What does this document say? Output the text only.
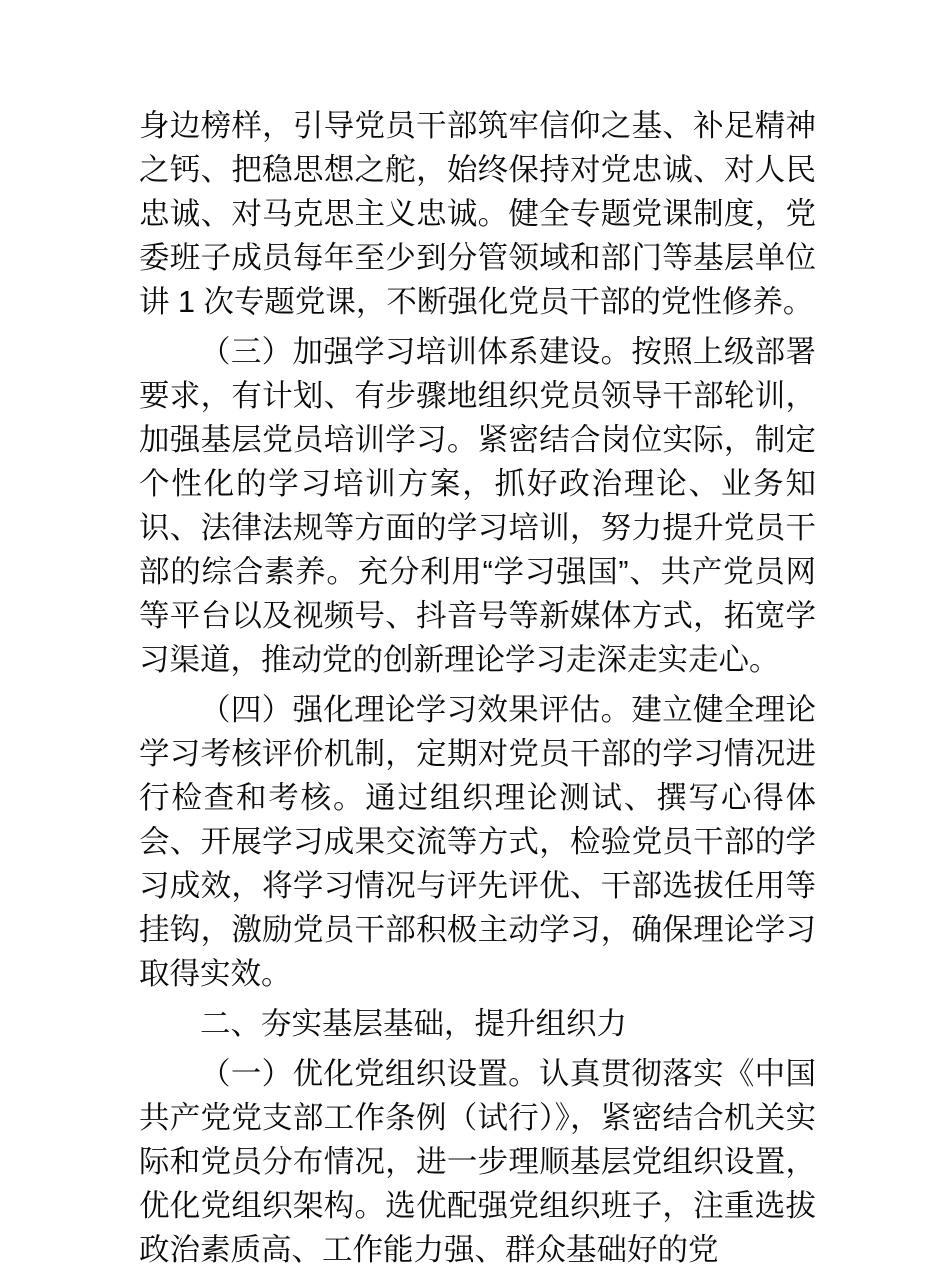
身边榜样，引导党员干部筑牢信仰之基、补足精神之钙、把稳思想之舵，始终保持对党忠诚、对人民忠诚、对马克思主义忠诚。健全专题党课制度，党委班子成员每年至少到分管领域和部门等基层单位讲 1 次专题党课，不断强化党员干部的党性修养。

（三）加强学习培训体系建设。按照上级部署要求，有计划、有步骤地组织党员领导干部轮训，加强基层党员培训学习。紧密结合岗位实际，制定个性化的学习培训方案，抓好政治理论、业务知识、法律法规等方面的学习培训，努力提升党员干部的综合素养。充分利用“学习强国”、共产党员网等平台以及视频号、抖音号等新媒体方式，拓宽学习渠道，推动党的创新理论学习走深走实走心。

（四）强化理论学习效果评估。建立健全理论学习考核评价机制，定期对党员干部的学习情况进行检查和考核。通过组织理论测试、撰写心得体会、开展学习成果交流等方式，检验党员干部的学习成效，将学习情况与评先评优、干部选拔任用等挂钩，激励党员干部积极主动学习，确保理论学习取得实效。

二、夯实基层基础，提升组织力

（一）优化党组织设置。认真贯彻落实《中国共产党党支部工作条例（试行）》，紧密结合机关实际和党员分布情况，进一步理顺基层党组织设置，优化党组织架构。选优配强党组织班子，注重选拔政治素质高、工作能力强、群众基础好的党
